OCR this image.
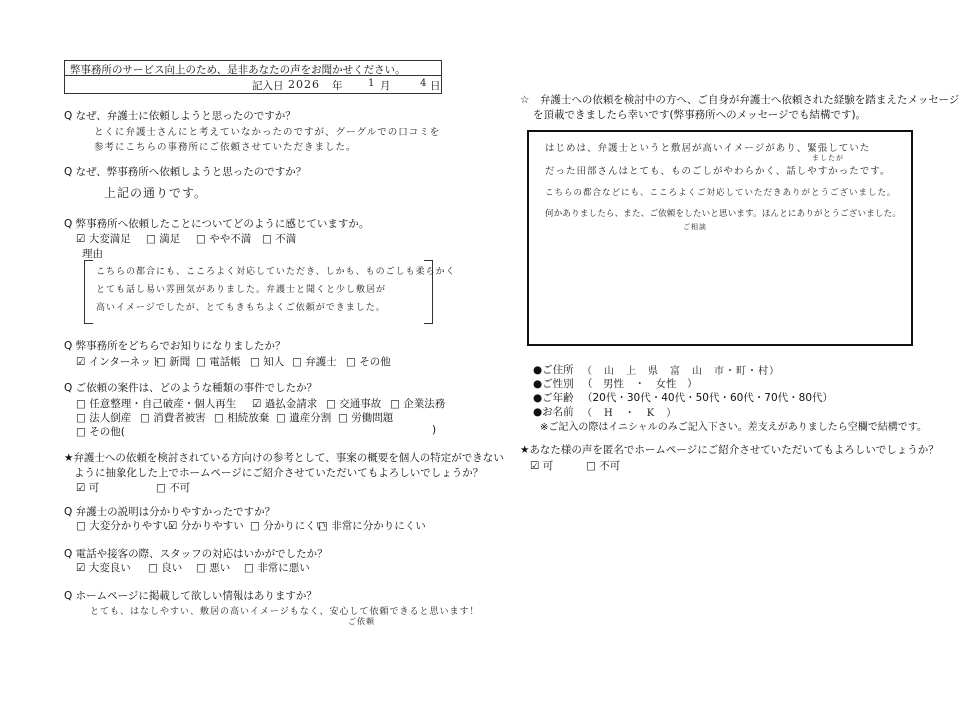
弊事務所のサービス向上のため、是非あなたの声をお聞かせください。
記入日 2026 年	1 月	4 日
Q なぜ、弁護士に依頼しようと思ったのですか？
とくに弁護士さんにと考えていなかったのですが、グーグルでの口コミを
参考にこちらの事務所にご依頼させていただきました。
Q なぜ、弊事務所へ依頼しようと思ったのですか？
上記の通りです。
Q 弊事務所へ依頼したことについてどのように感じていますか。
☑ 大変満足 □ 満足 □ やや不満 □ 不満
理由
こちらの都合にも、こころよく対応していただき、しかも、ものごしも柔らかく
とても話し易い雰囲気がありました。弁護士と聞くと少し敷居が
高いイメージでしたが、とてもきもちよくご依頼ができました。
Q 弊事務所をどちらでお知りになりましたか？
☑ インターネット
□ 新聞 □ 電話帳 □ 知人 □ 弁護士 □ その他
Q ご依頼の案件は、どのような種類の事件でしたか？
□ 任意整理・自己破産・個人再生 ☑ 過払金請求 □ 交通事故 □ 企業法務
□ 法人倒産 □ 消費者被害 □ 相続放棄 □ 遺産分割 □ 労働問題
□ その他(	)
★弁護士への依頼を検討されている方向けの参考として、事案の概要を個人の特定ができない
ように抽象化した上でホームページにご紹介させていただいてもよろしいでしょうか？
☑ 可	□ 不可
Q 弁護士の説明は分かりやすかったですか？
□ 大変分かりやすい
☑ 分かりやすい □ 分かりにくい
□ 非常に分かりにくい
Q 電話や接客の際、スタッフの対応はいかがでしたか？
☑ 大変良い □ 良い □ 悪い □ 非常に悪い
Q ホームページに掲載して欲しい情報はありますか？
とても、はなしやすい、敷居の高いイメージもなく、安心して依頼できると思います！
ご依頼
☆　弁護士への依頼を検討中の方へ、ご自身が弁護士へ依頼された経験を踏まえたメッセージ
を頂載できましたら幸いです(弊事務所へのメッセージでも結構です)。
はじめは、弁護士というと敷居が高いイメージがあり、緊張していた
ましたが
だった田部さんはとても、ものごしがやわらかく、話しやすかったです。
こちらの都合などにも、こころよくご対応していただきありがとうございました。
何かありましたら、また、ご依頼をしたいと思います。ほんとにありがとうございました。
ご相談
●ご住所 （　山　上　県　富　山　市・町・村）
●ご性別 （　男性　・　女性　）
●ご年齢 （20代・30代・40代・50代・60代・70代・80代）
●お名前 （　H　・　K　）
※ご記入の際はイニシャルのみご記入下さい。差支えがありましたら空欄で結構です。
★あなた様の声を匿名でホームページにご紹介させていただいてもよろしいでしょうか？
☑ 可	□ 不可
